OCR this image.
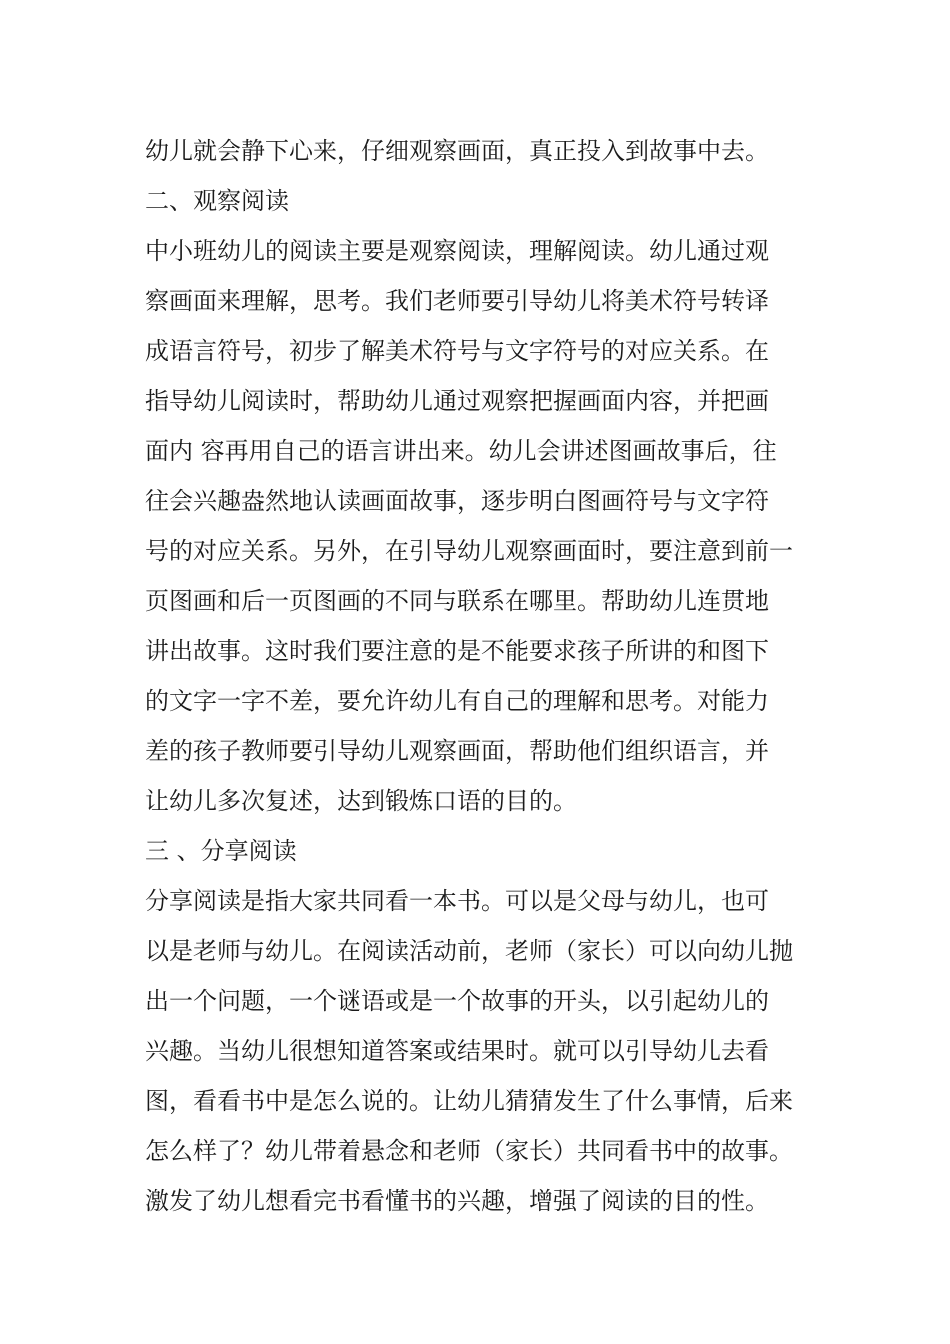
幼儿就会静下心来，仔细观察画面，真正投入到故事中去。
二、观察阅读
中小班幼儿的阅读主要是观察阅读，理解阅读。幼儿通过观
察画面来理解，思考。我们老师要引导幼儿将美术符号转译
成语言符号，初步了解美术符号与文字符号的对应关系。在
指导幼儿阅读时，帮助幼儿通过观察把握画面内容，并把画
面内 容再用自己的语言讲出来。幼儿会讲述图画故事后，往
往会兴趣盎然地认读画面故事，逐步明白图画符号与文字符
号的对应关系。另外，在引导幼儿观察画面时，要注意到前一
页图画和后一页图画的不同与联系在哪里。帮助幼儿连贯地
讲出故事。这时我们要注意的是不能要求孩子所讲的和图下
的文字一字不差，要允许幼儿有自己的理解和思考。对能力
差的孩子教师要引导幼儿观察画面，帮助他们组织语言，并
让幼儿多次复述，达到锻炼口语的目的。
三 、分享阅读
分享阅读是指大家共同看一本书。可以是父母与幼儿，也可
以是老师与幼儿。在阅读活动前，老师（家长）可以向幼儿抛
出一个问题，一个谜语或是一个故事的开头，以引起幼儿的
兴趣。当幼儿很想知道答案或结果时。就可以引导幼儿去看
图，看看书中是怎么说的。让幼儿猜猜发生了什么事情，后来
怎么样了？幼儿带着悬念和老师（家长）共同看书中的故事。
激发了幼儿想看完书看懂书的兴趣，增强了阅读的目的性。
